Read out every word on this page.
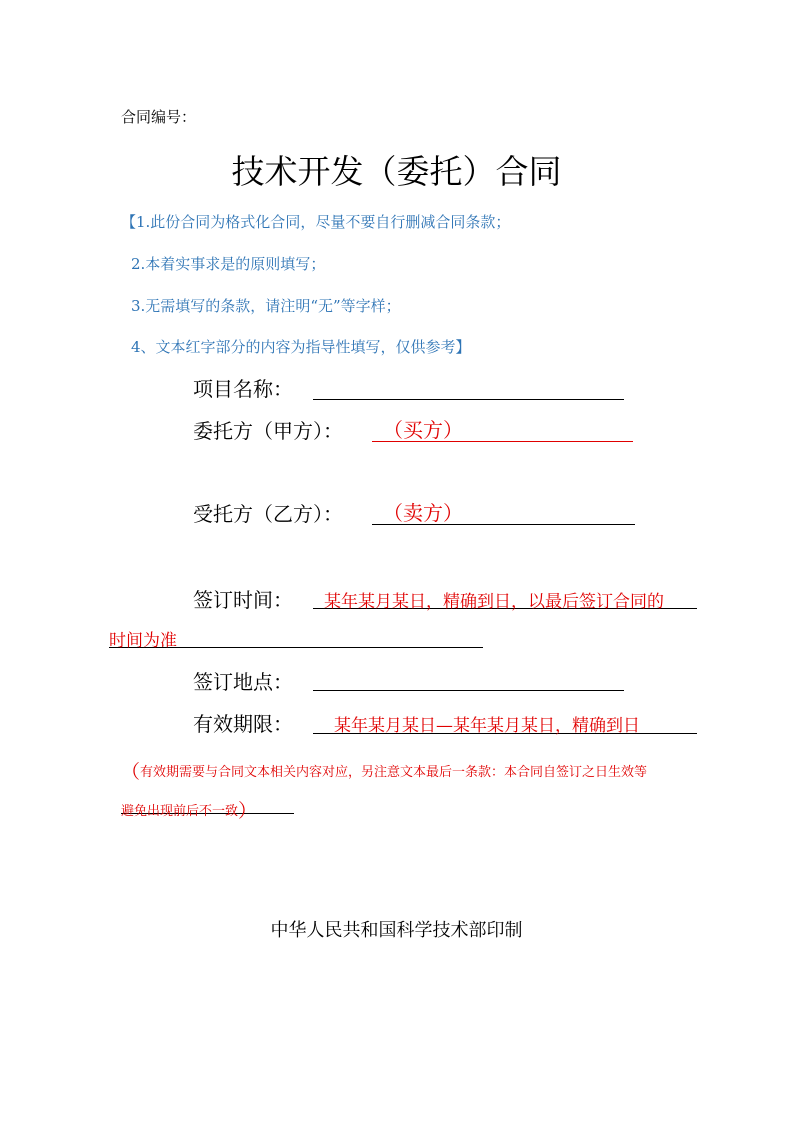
合同编号：
技术开发（委托）合同
【1.此份合同为格式化合同，尽量不要自行删减合同条款；
2.本着实事求是的原则填写；
3.无需填写的条款，请注明“无”等字样；
4、文本红字部分的内容为指导性填写，仅供参考】
项目名称：
委托方（甲方）： （买方）
受托方（乙方）： （卖方）
签订时间： 某年某月某日，精确到日，以最后签订合同的
时间为准
签订地点：
有效期限： 某年某月某日—某年某月某日，精确到日
（有效期需要与合同文本相关内容对应，另注意文本最后一条款：本合同自签订之日生效等
避免出现前后不一致）
中华人民共和国科学技术部印制
